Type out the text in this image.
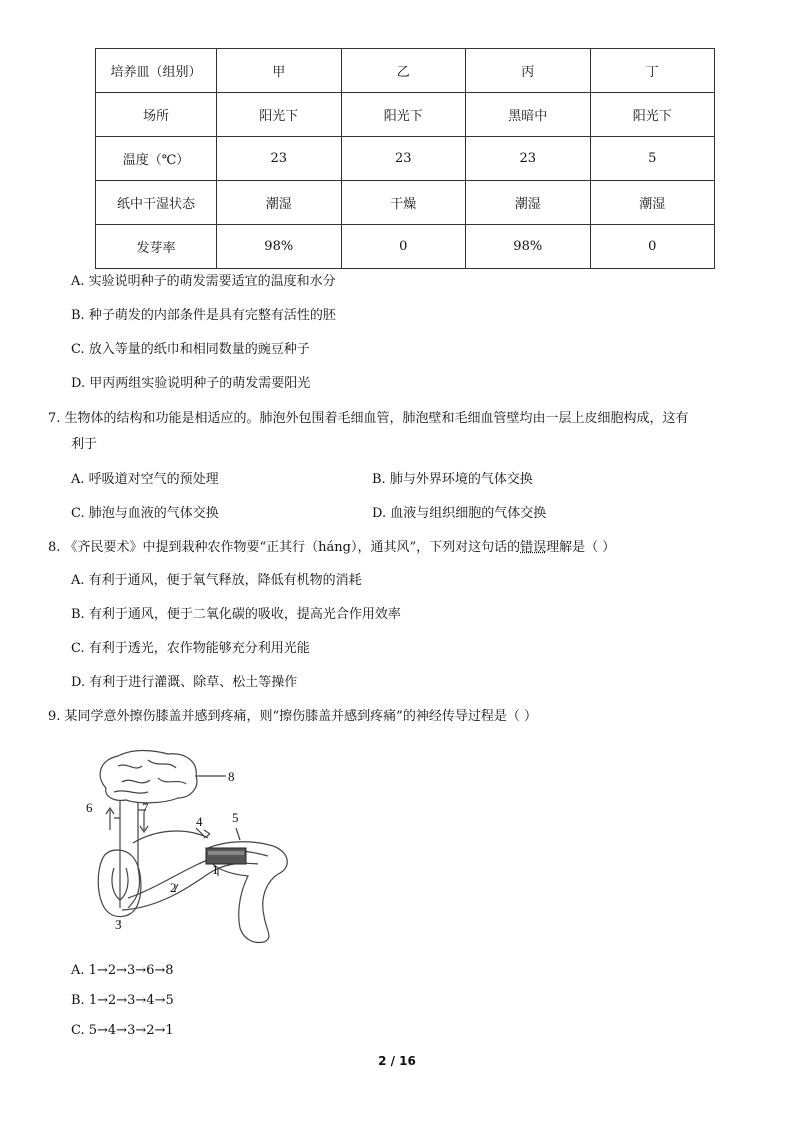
培养皿（组别）	甲	乙	丙	丁
场所	阳光下	阳光下	黑暗中	阳光下
温度（℃）	23	23	23	5
纸中干湿状态	潮湿	干燥	潮湿	潮湿
发芽率	98%	0	98%	0
A. 实验说明种子的萌发需要适宜的温度和水分
B. 种子萌发的内部条件是具有完整有活性的胚
C. 放入等量的纸巾和相同数量的豌豆种子
D. 甲丙两组实验说明种子的萌发需要阳光
7. 生物体的结构和功能是相适应的。肺泡外包围着毛细血管，肺泡壁和毛细血管壁均由一层上皮细胞构成，这有
利于
A. 呼吸道对空气的预处理	B. 肺与外界环境的气体交换
C. 肺泡与血液的气体交换	D. 血液与组织细胞的气体交换
8. 《齐民要术》中提到栽种农作物要“正其行（háng），通其风”，下列对这句话的错误理解是（ ）
A. 有利于通风，便于氧气释放，降低有机物的消耗
B. 有利于通风，便于二氧化碳的吸收，提高光合作用效率
C. 有利于透光，农作物能够充分利用光能
D. 有利于进行灌溉、除草、松土等操作
9. 某同学意外擦伤膝盖并感到疼痛，则“擦伤膝盖并感到疼痛”的神经传导过程是（ ）
8
6	7
4 5
1
2
3
A. 1→2→3→6→8
B. 1→2→3→4→5
C. 5→4→3→2→1
2 / 16
